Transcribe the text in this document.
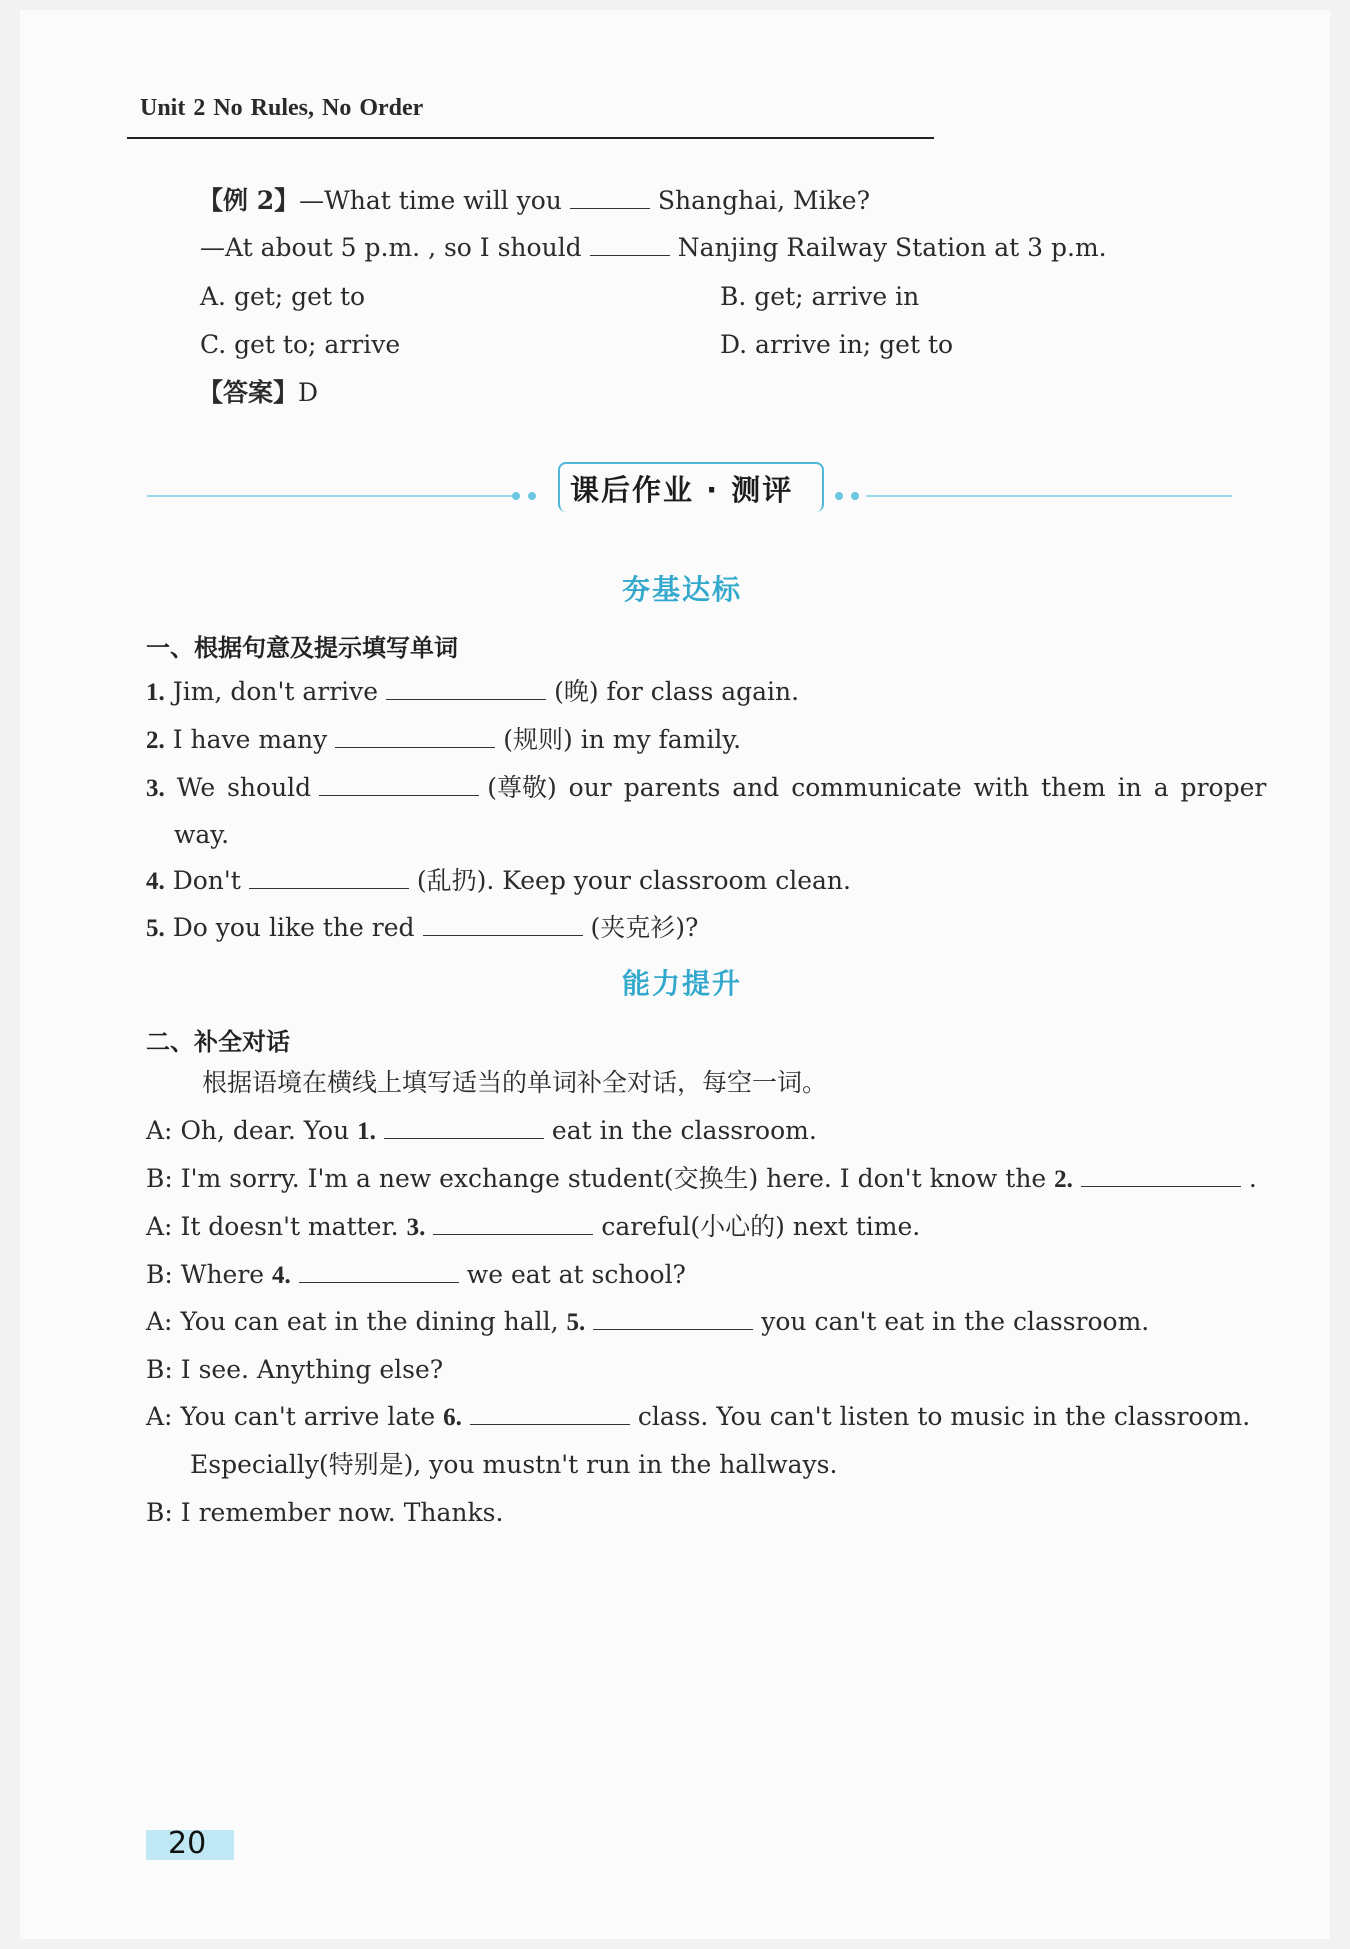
Unit 2 No Rules, No Order
【例 2】—What time will you	Shanghai, Mike?
—At about 5 p.m. , so I should	Nanjing Railway Station at 3 p.m.
A. get; get to	B. get; arrive in
C. get to; arrive	D. arrive in; get to
【答案】D
课后作业 · 测评
夯基达标
一、根据句意及提示填写单词
1. Jim, don't arrive	(晚) for class again.
2. I have many	(规则) in my family.
3. We should	(尊敬) our parents and communicate with them in a proper
way.
4. Don't	(乱扔). Keep your classroom clean.
5. Do you like the red	(夹克衫)?
能力提升
二、补全对话
根据语境在横线上填写适当的单词补全对话，每空一词。
A: Oh, dear. You 1.	eat in the classroom.
B: I'm sorry. I'm a new exchange student(交换生) here. I don't know the 2.	.
A: It doesn't matter. 3.	careful(小心的) next time.
B: Where 4.	we eat at school?
A: You can eat in the dining hall, 5.	you can't eat in the classroom.
B: I see. Anything else?
A: You can't arrive late 6.	class. You can't listen to music in the classroom.
Especially(特别是), you mustn't run in the hallways.
B: I remember now. Thanks.
20
